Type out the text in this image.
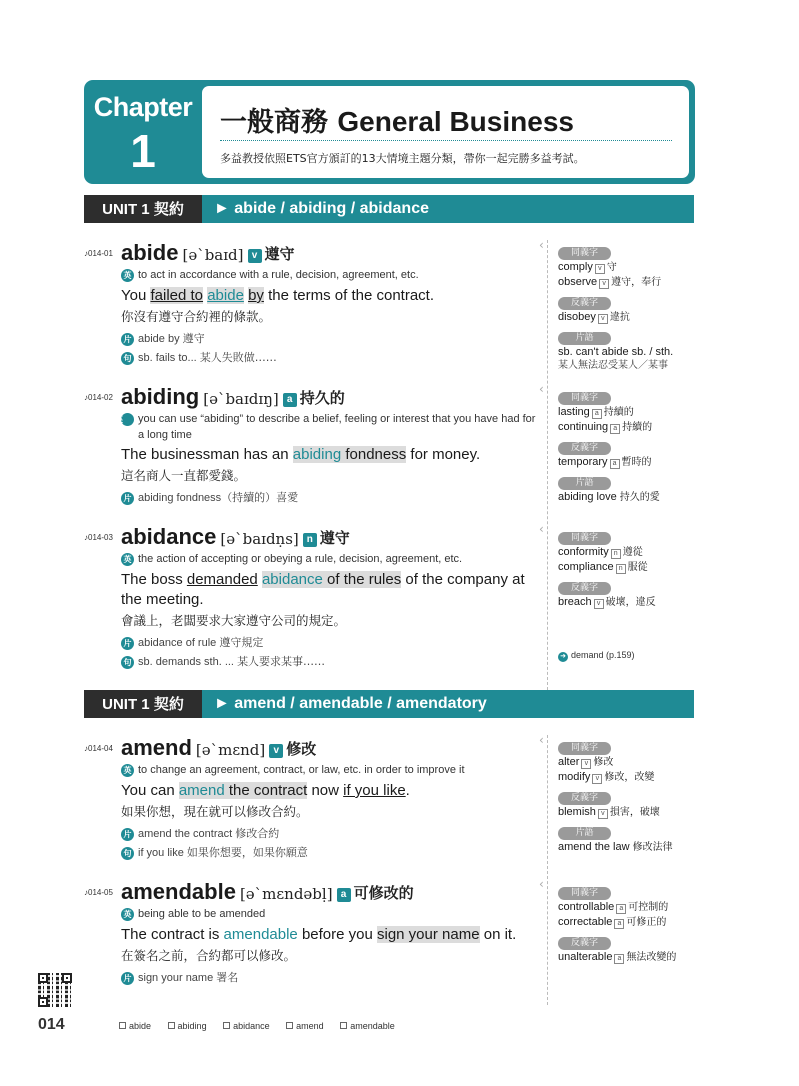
Chapter
1
一般商務 General Business
多益教授依照ETS官方頒訂的13大情境主題分類，帶你一起完勝多益考試。
UNIT 1 契約	► abide / abiding / abidance
UNIT 1 契約	► amend / amendable / amendatory
♪014-01 abide [ə`baɪd] v 遵守
英 to act in accordance with a rule, decision, agreement, etc.
You failed to abide by the terms of the contract.
你沒有遵守合約裡的條款。
片 abide by 遵守
句 sb. fails to... 某人失敗做……
♪014-02 abiding [ə`baɪdɪŋ] a 持久的
英 you can use “abiding” to describe a belief, feeling or interest that you have had for a long time
The businessman has an abiding fondness for money.
這名商人一直都愛錢。
片 abiding fondness（持續的）喜愛
♪014-03 abidance [ə`baɪdṇs] n 遵守
英 the action of accepting or obeying a rule, decision, agreement, etc.
The boss demanded abidance of the rules of the company at the meeting.
會議上，老闆要求大家遵守公司的規定。
片 abidance of rule 遵守規定
句 sb. demands sth. ... 某人要求某事……
♪014-04 amend [ə`mɛnd] v 修改
英 to change an agreement, contract, or law, etc. in order to improve it
You can amend the contract now if you like.
如果你想，現在就可以修改合約。
片 amend the contract 修改合約
句 if you like 如果你想要，如果你願意
♪014-05 amendable [ə`mɛndəbḷ] a 可修改的
英 being able to be amended
The contract is amendable before you sign your name on it.
在簽名之前，合約都可以修改。
片 sign your name 署名
‹
‹
‹
‹
‹
同義字
comply v 守
observe v 遵守，奉行
反義字
disobey v 違抗
片語
sb. can't abide sb. / sth.
某人無法忍受某人／某事
同義字
lasting a 持續的
continuing a 持續的
反義字
temporary a 暫時的
片語
abiding love 持久的愛
同義字
conformity n 遵從
compliance n 服從
反義字
breach v 破壞，違反
➜ demand (p.159)
同義字
alter v 修改
modify v 修改，改變
反義字
blemish v 損害，破壞
片語
amend the law 修改法律
同義字
controllable a 可控制的
correctable a 可修正的
反義字
unalterable a 無法改變的
014	abide	abiding	abidance	amend	amendable
